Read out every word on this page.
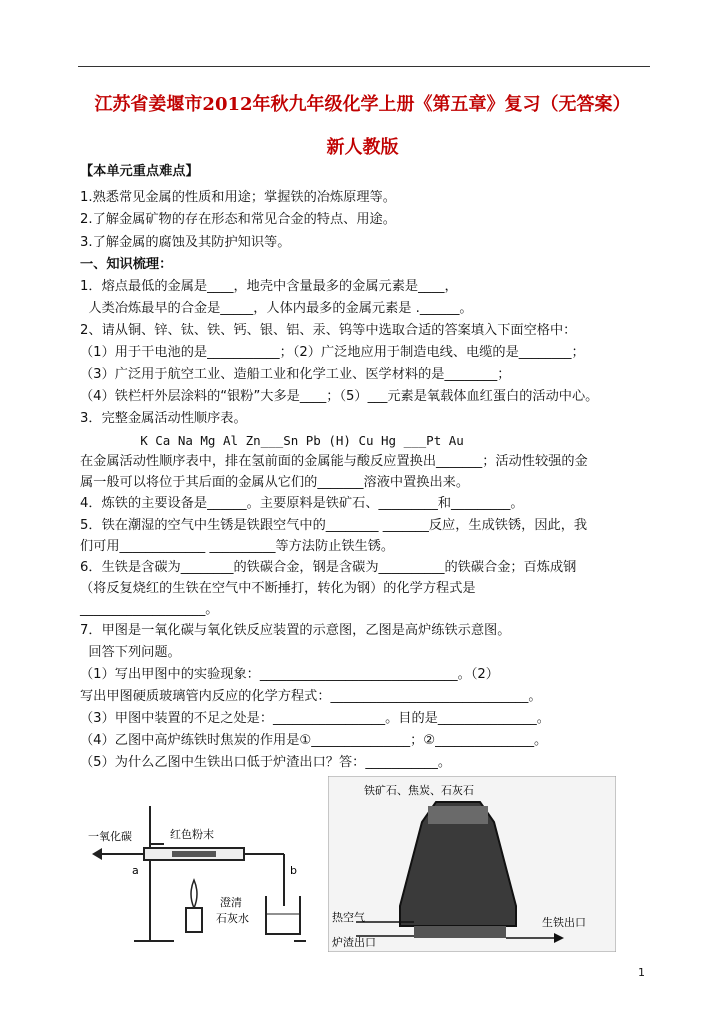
江苏省姜堰市2012年秋九年级化学上册《第五章》复习（无答案）
新人教版
【本单元重点难点】
1.熟悉常见金属的性质和用途；掌握铁的冶炼原理等。
2.了解金属矿物的存在形态和常见合金的特点、用途。
3.了解金属的腐蚀及其防护知识等。
一、知识梳理：
1．熔点最低的金属是____，地壳中含量最多的金属元素是____，
人类冶炼最早的合金是_____，人体内最多的金属元素是 .______。
2、请从铜、锌、钛、铁、钙、银、铝、汞、钨等中选取合适的答案填入下面空格中：
（1）用于干电池的是___________；（2）广泛地应用于制造电线、电缆的是________；
（3）广泛用于航空工业、造船工业和化学工业、医学材料的是________；
（4）铁栏杆外层涂料的“银粉”大多是____；（5）___元素是氧载体血红蛋白的活动中心。
3．完整金属活动性顺序表。
K Ca Na Mg Al Zn___Sn Pb (H) Cu Hg ___Pt Au
在金属活动性顺序表中，排在氢前面的金属能与酸反应置换出_______；活动性较强的金
属一般可以将位于其后面的金属从它们的_______溶液中置换出来。
4．炼铁的主要设备是______。主要原料是铁矿石、_________和_________。
5．铁在潮湿的空气中生锈是铁跟空气中的________ _______反应，生成铁锈，因此，我
们可用_____________ __________等方法防止铁生锈。
6．生铁是含碳为________的铁碳合金，钢是含碳为__________的铁碳合金；百炼成钢
（将反复烧红的生铁在空气中不断捶打，转化为钢）的化学方程式是
___________________。
7．甲图是一氧化碳与氧化铁反应装置的示意图，乙图是高炉练铁示意图。
回答下列问题。
（1）写出甲图中的实验现象：______________________________。（2）
写出甲图硬质玻璃管内反应的化学方程式：______________________________。
（3）甲图中装置的不足之处是：_________________。目的是_______________。
（4）乙图中高炉练铁时焦炭的作用是①_______________；②_______________。
（5）为什么乙图中生铁出口低于炉渣出口？答：___________。
一氧化碳	红色粉末
a	b
澄清
石灰水
铁矿石、焦炭、石灰石
热空气
炉渣出口
生铁出口
1
